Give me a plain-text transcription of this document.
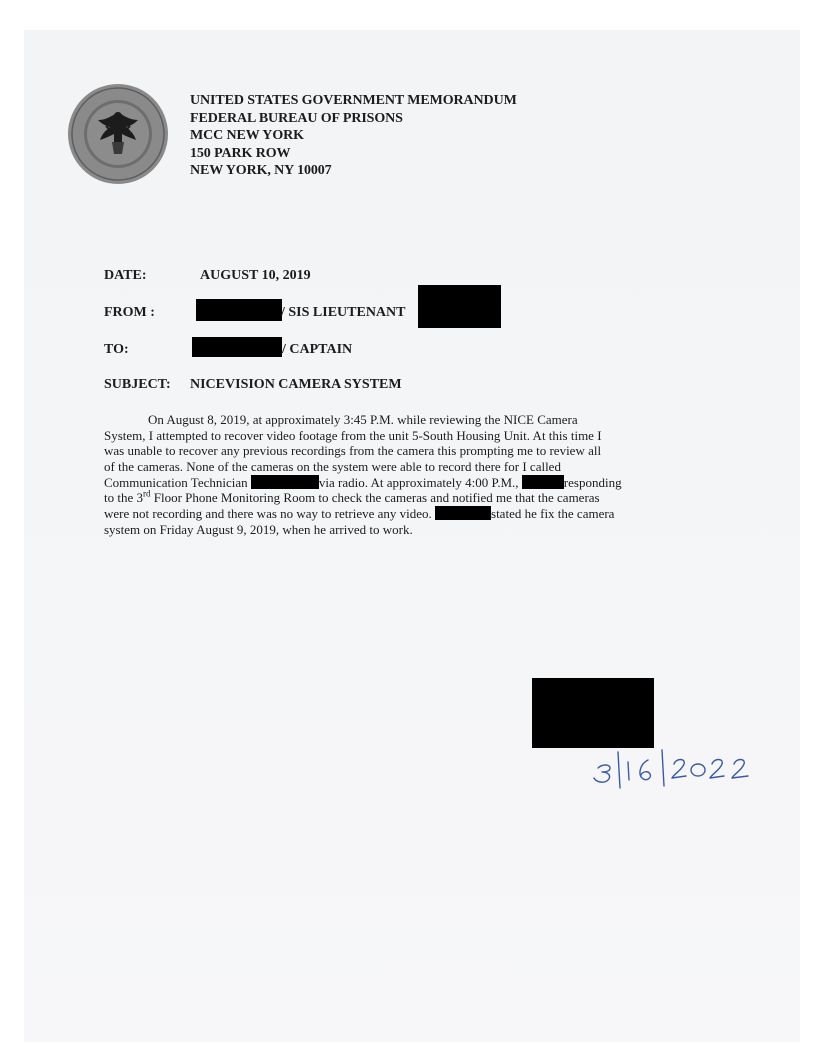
UNITED STATES GOVERNMENT MEMORANDUM
FEDERAL BUREAU OF PRISONS
MCC NEW YORK
150 PARK ROW
NEW YORK, NY 10007
DATE:	AUGUST 10, 2019
FROM :	/ SIS LIEUTENANT
TO:	/ CAPTAIN
SUBJECT: NICEVISION CAMERA SYSTEM
On August 8, 2019, at approximately 3:45 P.M. while reviewing the NICE Camera
System, I attempted to recover video footage from the unit 5-South Housing Unit. At this time I
was unable to recover any previous recordings from the camera this prompting me to review all
of the cameras. None of the cameras on the system were able to record there for I called
Communication Technician	via radio. At approximately 4:00 P.M.,	responding
to the 3rd Floor Phone Monitoring Room to check the cameras and notified me that the cameras
were not recording and there was no way to retrieve any video.	stated he fix the camera
system on Friday August 9, 2019, when he arrived to work.
